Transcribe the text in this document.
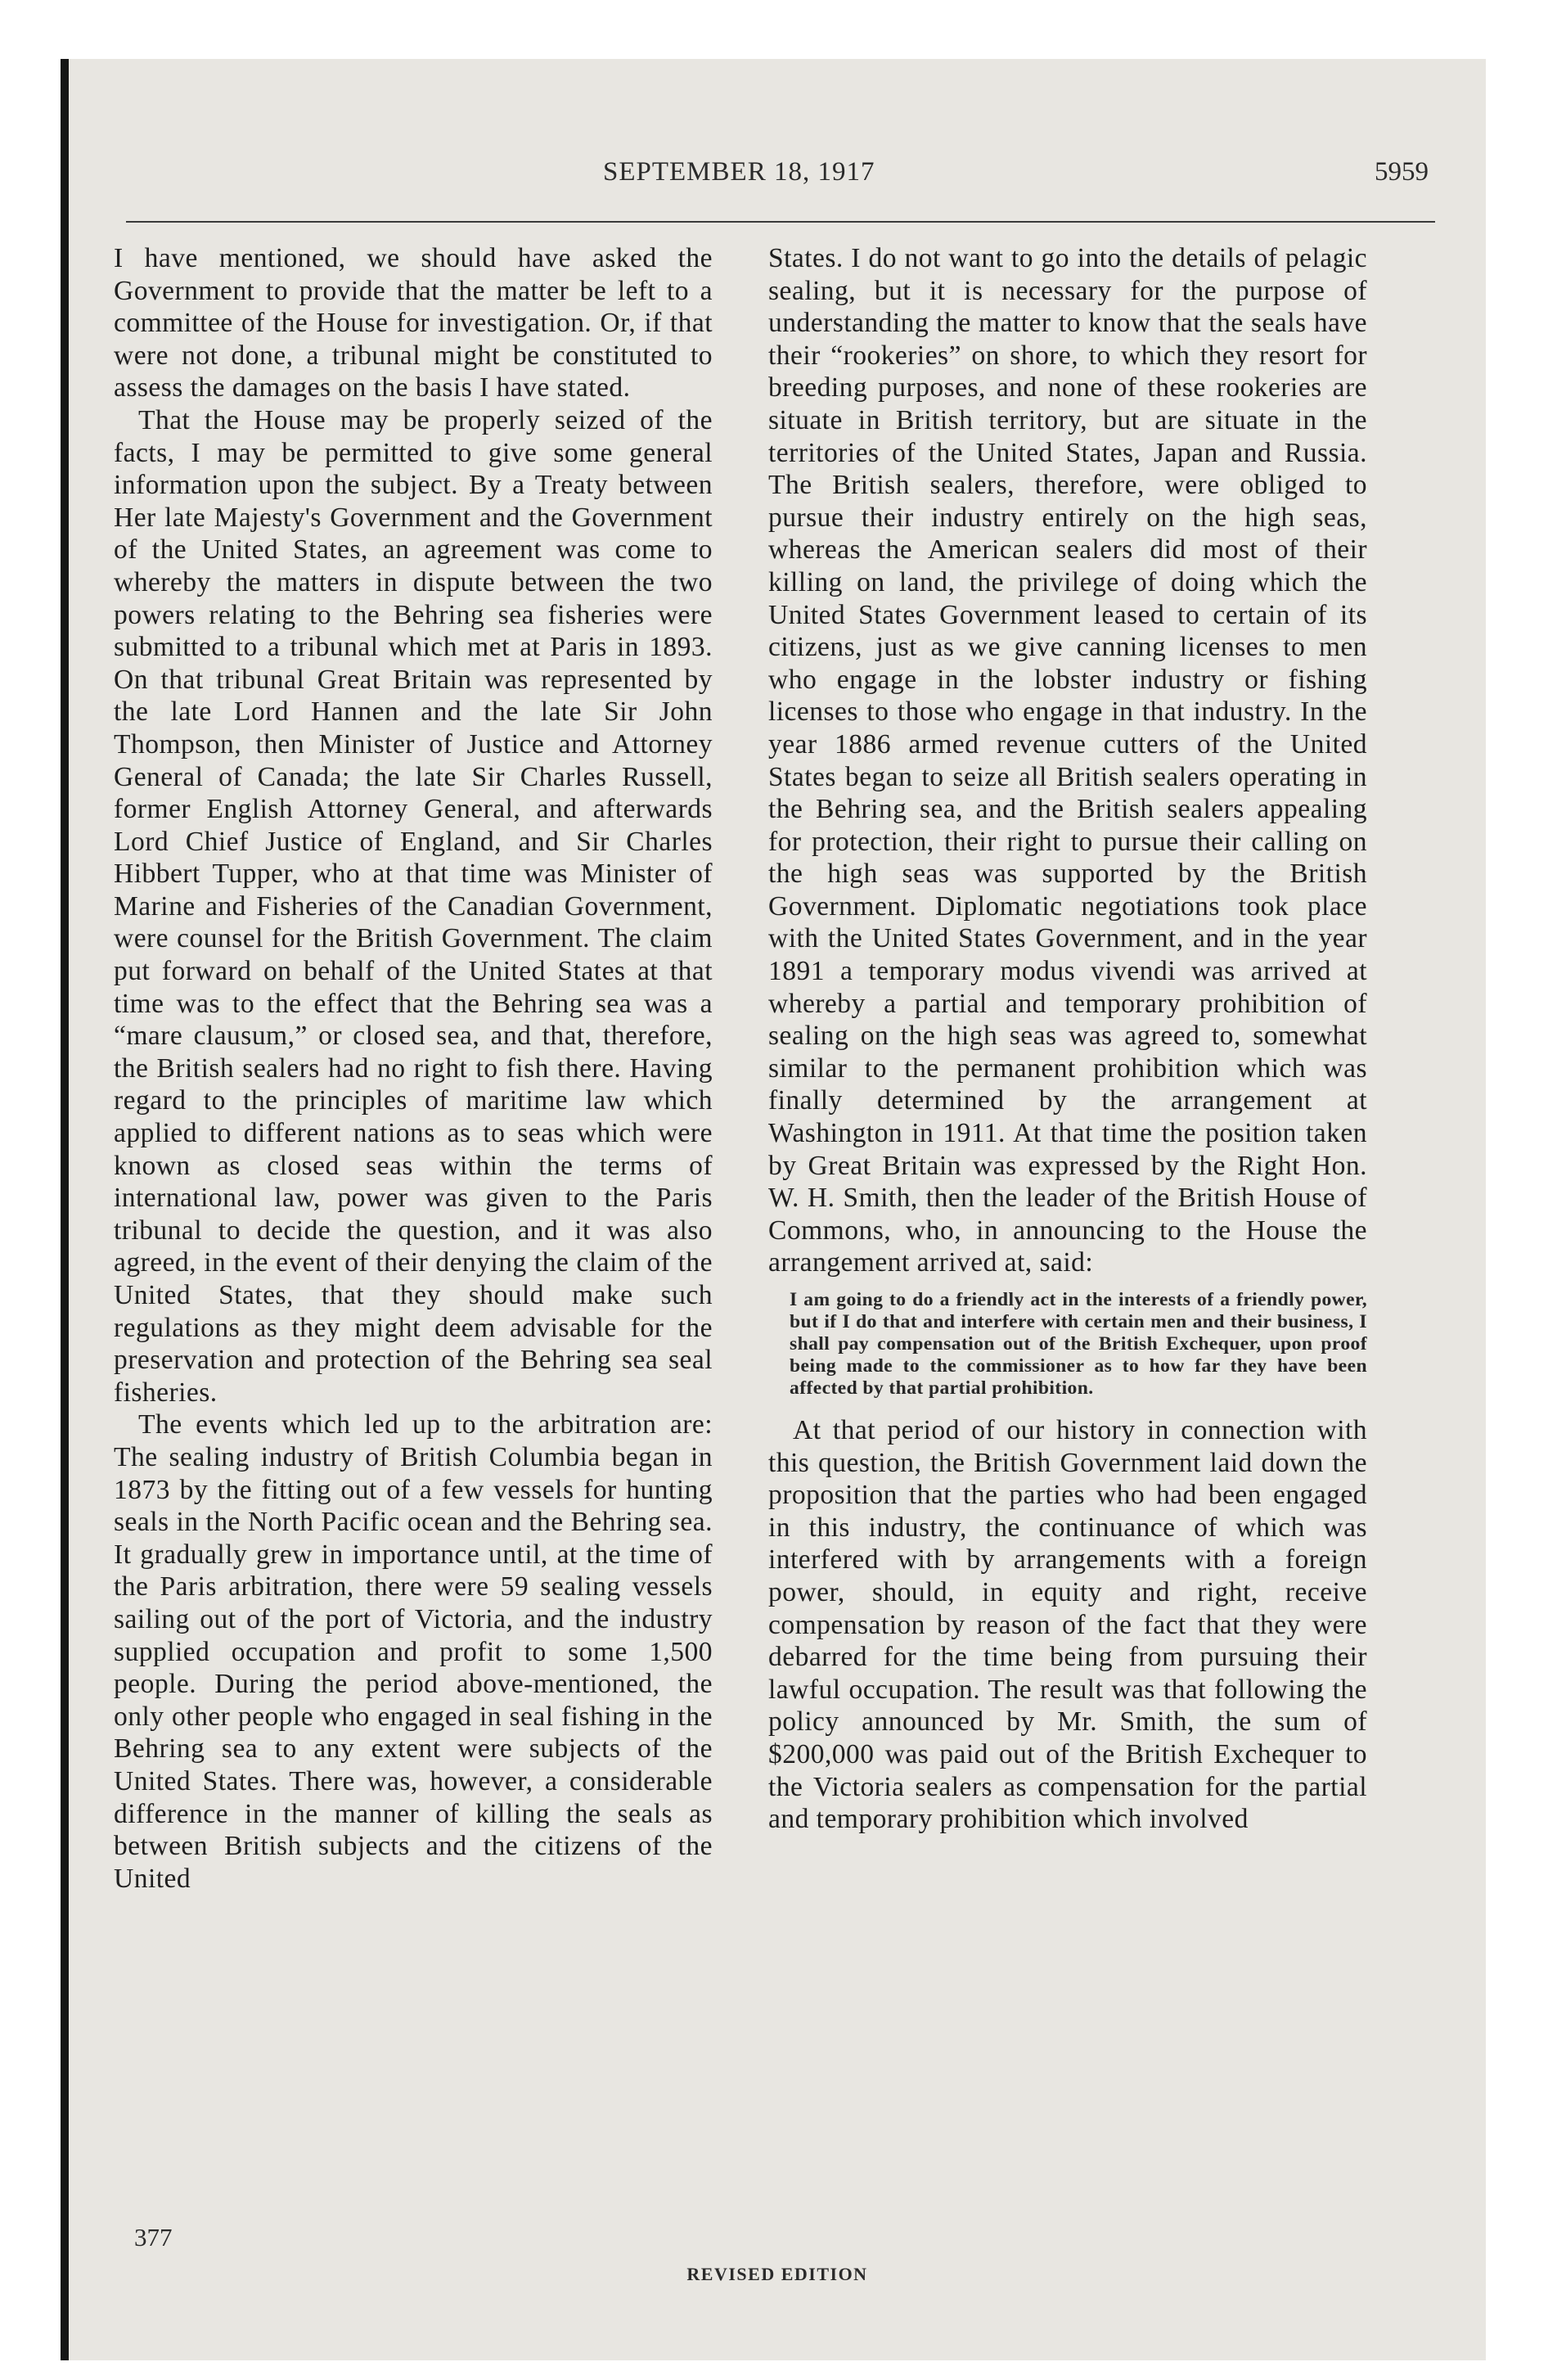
SEPTEMBER 18, 1917	5959

I have mentioned, we should have asked the Government to provide that the matter be left to a committee of the House for investigation. Or, if that were not done, a tribunal might be constituted to assess the damages on the basis I have stated.

That the House may be properly seized of the facts, I may be permitted to give some general information upon the subject. By a Treaty between Her late Majesty's Government and the Government of the United States, an agreement was come to whereby the matters in dispute between the two powers relating to the Behring sea fisheries were submitted to a tribunal which met at Paris in 1893. On that tribunal Great Britain was represented by the late Lord Hannen and the late Sir John Thompson, then Minister of Justice and Attorney General of Canada; the late Sir Charles Russell, former English Attorney General, and afterwards Lord Chief Justice of England, and Sir Charles Hibbert Tupper, who at that time was Minister of Marine and Fisheries of the Canadian Government, were counsel for the British Government. The claim put forward on behalf of the United States at that time was to the effect that the Behring sea was a “mare clausum,” or closed sea, and that, therefore, the British sealers had no right to fish there. Having regard to the principles of maritime law which applied to different nations as to seas which were known as closed seas within the terms of international law, power was given to the Paris tribunal to decide the question, and it was also agreed, in the event of their denying the claim of the United States, that they should make such regulations as they might deem advisable for the preservation and protection of the Behring sea seal fisheries.

The events which led up to the arbitration are: The sealing industry of British Columbia began in 1873 by the fitting out of a few vessels for hunting seals in the North Pacific ocean and the Behring sea. It gradually grew in importance until, at the time of the Paris arbitration, there were 59 sealing vessels sailing out of the port of Victoria, and the industry supplied occupation and profit to some 1,500 people. During the period above-mentioned, the only other people who engaged in seal fishing in the Behring sea to any extent were subjects of the United States. There was, however, a considerable difference in the manner of killing the seals as between British subjects and the citizens of the United

States. I do not want to go into the details of pelagic sealing, but it is necessary for the purpose of understanding the matter to know that the seals have their “rookeries” on shore, to which they resort for breeding purposes, and none of these rookeries are situate in British territory, but are situate in the territories of the United States, Japan and Russia. The British sealers, therefore, were obliged to pursue their industry entirely on the high seas, whereas the American sealers did most of their killing on land, the privilege of doing which the United States Government leased to certain of its citizens, just as we give canning licenses to men who engage in the lobster industry or fishing licenses to those who engage in that industry. In the year 1886 armed revenue cutters of the United States began to seize all British sealers operating in the Behring sea, and the British sealers appealing for protection, their right to pursue their calling on the high seas was supported by the British Government. Diplomatic negotiations took place with the United States Government, and in the year 1891 a temporary modus vivendi was arrived at whereby a partial and temporary prohibition of sealing on the high seas was agreed to, somewhat similar to the permanent prohibition which was finally determined by the arrangement at Washington in 1911. At that time the position taken by Great Britain was expressed by the Right Hon. W. H. Smith, then the leader of the British House of Commons, who, in announcing to the House the arrangement arrived at, said:

I am going to do a friendly act in the interests of a friendly power, but if I do that and interfere with certain men and their business, I shall pay compensation out of the British Exchequer, upon proof being made to the commissioner as to how far they have been affected by that partial prohibition.

At that period of our history in connection with this question, the British Government laid down the proposition that the parties who had been engaged in this industry, the continuance of which was interfered with by arrangements with a foreign power, should, in equity and right, receive compensation by reason of the fact that they were debarred for the time being from pursuing their lawful occupation. The result was that following the policy announced by Mr. Smith, the sum of $200,000 was paid out of the British Exchequer to the Victoria sealers as compensation for the partial and temporary prohibition which involved

377
REVISED EDITION
